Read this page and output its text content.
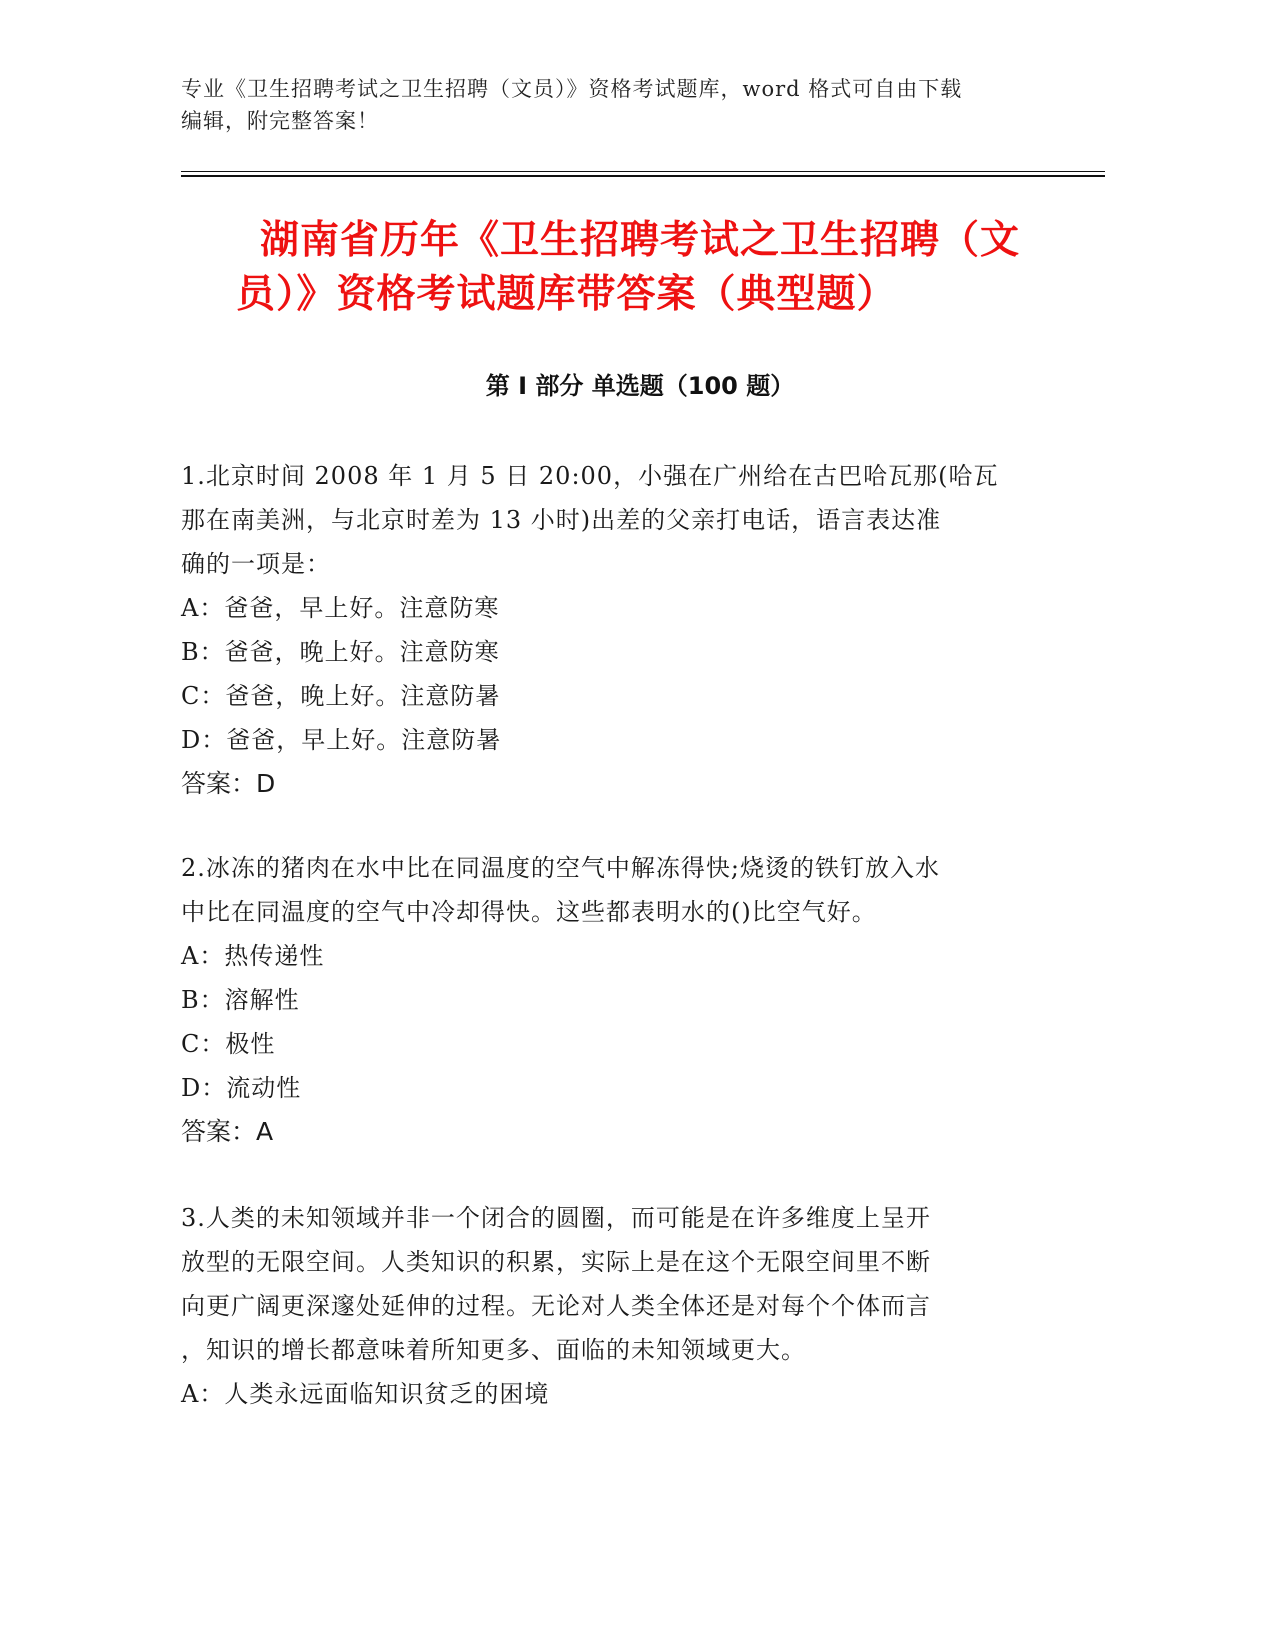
专业《卫生招聘考试之卫生招聘（文员）》资格考试题库，word 格式可自由下载
编辑，附完整答案！
湖南省历年《卫生招聘考试之卫生招聘（文
员）》资格考试题库带答案（典型题）
第 I 部分 单选题（100 题）
1.北京时间 2008 年 1 月 5 日 20:00，小强在广州给在古巴哈瓦那(哈瓦
那在南美洲，与北京时差为 13 小时)出差的父亲打电话，语言表达准
确的一项是：
A：爸爸，早上好。注意防寒
B：爸爸，晚上好。注意防寒
C：爸爸，晚上好。注意防暑
D：爸爸，早上好。注意防暑
答案：D
2.冰冻的猪肉在水中比在同温度的空气中解冻得快;烧烫的铁钉放入水
中比在同温度的空气中冷却得快。这些都表明水的()比空气好。
A：热传递性
B：溶解性
C：极性
D：流动性
答案：A
3.人类的未知领域并非一个闭合的圆圈，而可能是在许多维度上呈开
放型的无限空间。人类知识的积累，实际上是在这个无限空间里不断
向更广阔更深邃处延伸的过程。无论对人类全体还是对每个个体而言
，知识的增长都意味着所知更多、面临的未知领域更大。
A：人类永远面临知识贫乏的困境
